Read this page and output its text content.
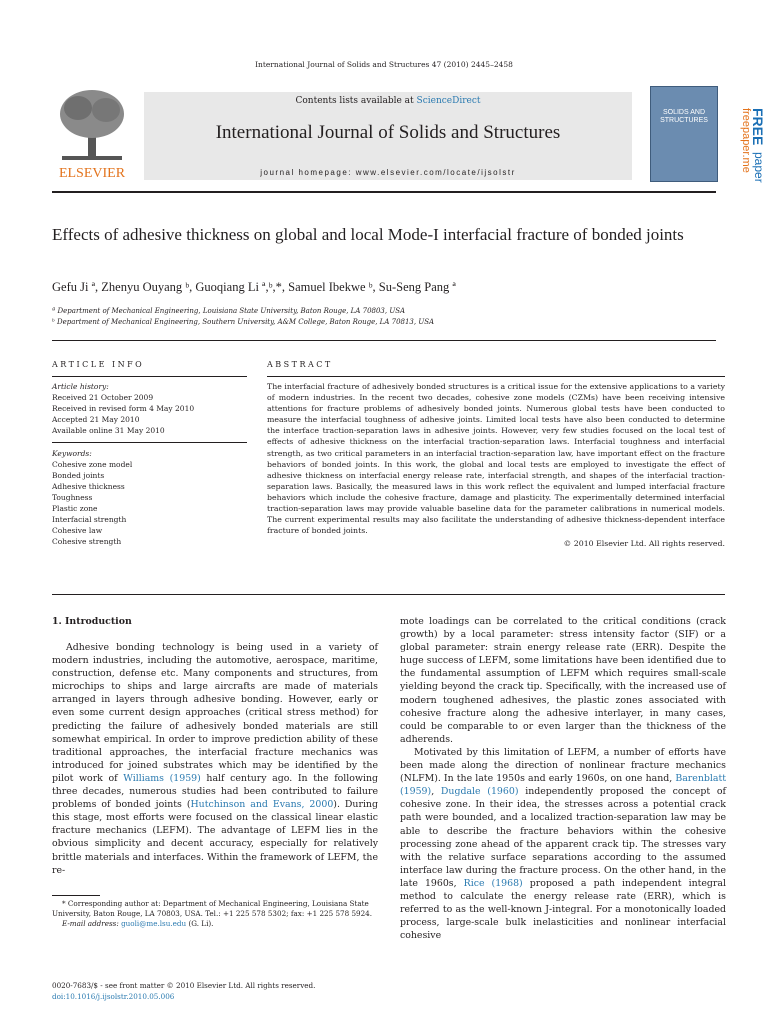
International Journal of Solids and Structures 47 (2010) 2445–2458
ELSEVIER
Contents lists available at ScienceDirect
International Journal of Solids and Structures
journal homepage: www.elsevier.com/locate/ijsolstr
SOLIDS AND STRUCTURES	FREE
freepaper.me paper
Effects of adhesive thickness on global and local Mode-I interfacial fracture of bonded joints
Gefu Ji ª, Zhenyu Ouyang ᵇ, Guoqiang Li ª,ᵇ,*, Samuel Ibekwe ᵇ, Su-Seng Pang ª
ª Department of Mechanical Engineering, Louisiana State University, Baton Rouge, LA 70803, USA
ᵇ Department of Mechanical Engineering, Southern University, A&M College, Baton Rouge, LA 70813, USA
ARTICLE INFO
Article history:
Received 21 October 2009
Received in revised form 4 May 2010
Accepted 21 May 2010
Available online 31 May 2010
Keywords:
Cohesive zone model
Bonded joints
Adhesive thickness
Toughness
Plastic zone
Interfacial strength
Cohesive law
Cohesive strength
ABSTRACT
The interfacial fracture of adhesively bonded structures is a critical issue for the extensive applications to a variety of modern industries. In the recent two decades, cohesive zone models (CZMs) have been receiving intensive attentions for fracture problems of adhesively bonded joints. Numerous global tests have been conducted to measure the interfacial toughness of adhesive joints. Limited local tests have also been conducted to determine the interface traction-separation laws in adhesive joints. However, very few studies focused on the local test of effects of adhesive thickness on the interfacial traction-separation laws. Interfacial toughness and interfacial strength, as two critical parameters in an interfacial traction-separation law, have important effect on the fracture behaviors of bonded joints. In this work, the global and local tests are employed to investigate the effect of adhesive thickness on interfacial energy release rate, interfacial strength, and shapes of the interfacial traction-separation laws. Basically, the measured laws in this work reflect the equivalent and lumped interfacial fracture behaviors which include the cohesive fracture, damage and plasticity. The experimentally determined interfacial traction-separation laws may provide valuable baseline data for the parameter calibrations in numerical models. The current experimental results may also facilitate the understanding of adhesive thickness-dependent interface fracture of bonded joints.
© 2010 Elsevier Ltd. All rights reserved.
1. Introduction

Adhesive bonding technology is being used in a variety of modern industries, including the automotive, aerospace, maritime, construction, defense etc. Many components and structures, from microchips to ships and large aircrafts are made of materials arranged in layers through adhesive bonding. However, early or even some current design approaches (critical stress method) for predicting the failure of adhesively bonded materials are still somewhat empirical. In order to improve prediction ability of these traditional approaches, the interfacial fracture mechanics was introduced for joined substrates which may be identified by the pilot work of Williams (1959) half century ago. In the following three decades, numerous studies had been contributed to failure problems of bonded joints (Hutchinson and Evans, 2000). During this stage, most efforts were focused on the classical linear elastic fracture mechanics (LEFM). The advantage of LEFM lies in the obvious simplicity and decent accuracy, especially for relatively brittle materials and interfaces. Within the framework of LEFM, the re-

* Corresponding author at: Department of Mechanical Engineering, Louisiana State University, Baton Rouge, LA 70803, USA. Tel.: +1 225 578 5302; fax: +1 225 578 5924.
E-mail address: guoli@me.lsu.edu (G. Li).
0020-7683/$ - see front matter © 2010 Elsevier Ltd. All rights reserved.
doi:10.1016/j.ijsolstr.2010.05.006

mote loadings can be correlated to the critical conditions (crack growth) by a local parameter: stress intensity factor (SIF) or a global parameter: strain energy release rate (ERR). Despite the huge success of LEFM, some limitations have been identified due to the fundamental assumption of LEFM which requires small-scale yielding beyond the crack tip. Specifically, with the increased use of modern toughened adhesives, the plastic zones associated with cohesive fracture along the adhesive interlayer, in many cases, could be comparable to or even larger than the thickness of the adherends.

Motivated by this limitation of LEFM, a number of efforts have been made along the direction of nonlinear fracture mechanics (NLFM). In the late 1950s and early 1960s, on one hand, Barenblatt (1959), Dugdale (1960) independently proposed the concept of cohesive zone. In their idea, the stresses across a potential crack path were bounded, and a localized traction-separation law may be able to describe the fracture behaviors within the cohesive processing zone ahead of the apparent crack tip. The stresses vary with the relative surface separations according to the assumed interface law during the fracture process. On the other hand, in the late 1960s, Rice (1968) proposed a path independent integral method to calculate the energy release rate (ERR), which is referred to as the well-known J-integral. For a monotonically loaded process, large-scale bulk inelasticities and nonlinear interfacial cohesive
